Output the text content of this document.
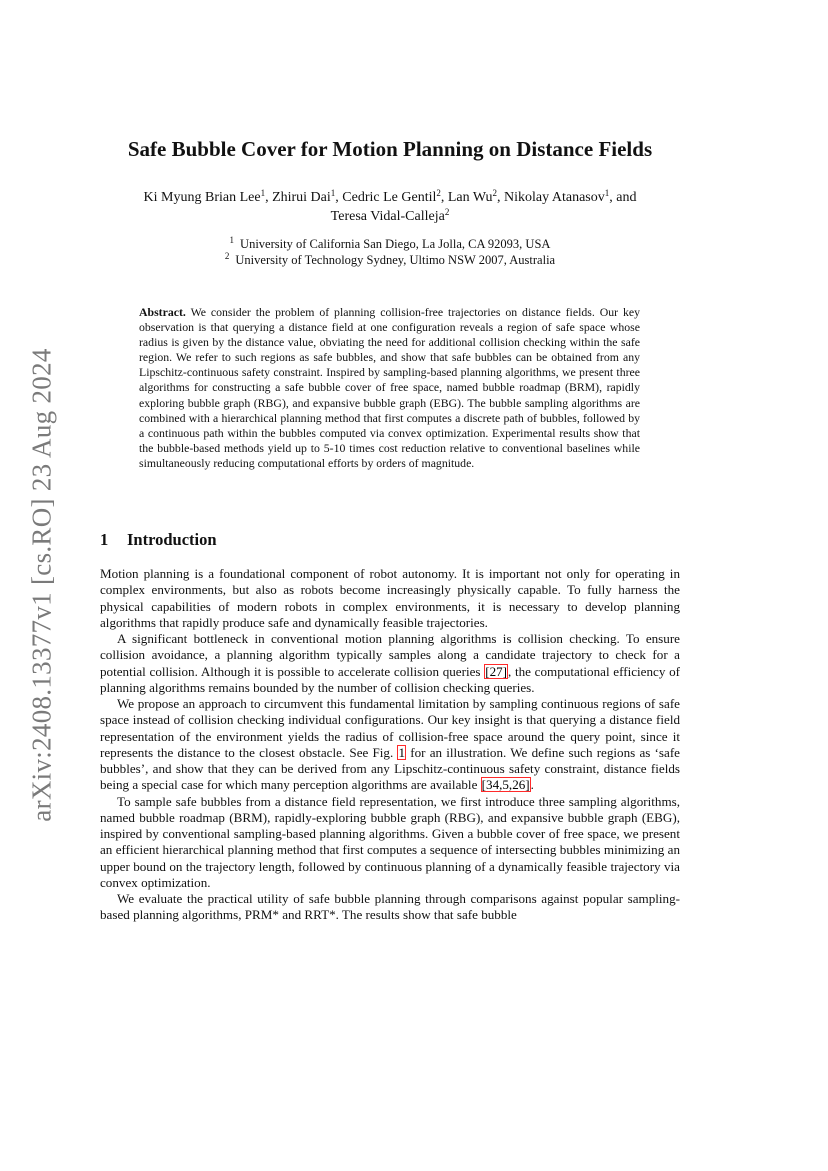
arXiv:2408.13377v1 [cs.RO] 23 Aug 2024
Safe Bubble Cover for Motion Planning on Distance Fields
Ki Myung Brian Lee$^1$, Zhirui Dai$^1$, Cedric Le Gentil$^2$, Lan Wu$^2$, Nikolay Atanasov$^1$, and
Teresa Vidal-Calleja$^2$
$^1$ University of California San Diego, La Jolla, CA 92093, USA
$^2$ University of Technology Sydney, Ultimo NSW 2007, Australia
Abstract. We consider the problem of planning collision-free trajectories on distance fields. Our key observation is that querying a distance field at one configuration reveals a region of safe space whose radius is given by the distance value, obviating the need for additional collision checking within the safe region. We refer to such regions as safe bubbles, and show that safe bubbles can be obtained from any Lipschitz-continuous safety constraint. Inspired by sampling-based planning algorithms, we present three algorithms for constructing a safe bubble cover of free space, named bubble roadmap (BRM), rapidly exploring bubble graph (RBG), and expansive bubble graph (EBG). The bubble sampling algorithms are combined with a hierarchical planning method that first computes a discrete path of bubbles, followed by a continuous path within the bubbles computed via convex optimization. Experimental results show that the bubble-based methods yield up to 5-10 times cost reduction relative to conventional baselines while simultaneously reducing computational efforts by orders of magnitude.
1 Introduction

Motion planning is a foundational component of robot autonomy. It is important not only for operating in complex environments, but also as robots become increasingly physically capable. To fully harness the physical capabilities of modern robots in complex environments, it is necessary to develop planning algorithms that rapidly produce safe and dynamically feasible trajectories.

A significant bottleneck in conventional motion planning algorithms is collision checking. To ensure collision avoidance, a planning algorithm typically samples along a candidate trajectory to check for a potential collision. Although it is possible to accelerate collision queries [27], the computational efficiency of planning algorithms remains bounded by the number of collision checking queries.

We propose an approach to circumvent this fundamental limitation by sampling continuous regions of safe space instead of collision checking individual configurations. Our key insight is that querying a distance field representation of the environment yields the radius of collision-free space around the query point, since it represents the distance to the closest obstacle. See Fig. 1 for an illustration. We define such regions as ‘safe bubbles’, and show that they can be derived from any Lipschitz-continuous safety constraint, distance fields being a special case for which many perception algorithms are available [34,5,26].

To sample safe bubbles from a distance field representation, we first introduce three sampling algorithms, named bubble roadmap (BRM), rapidly-exploring bubble graph (RBG), and expansive bubble graph (EBG), inspired by conventional sampling-based planning algorithms. Given a bubble cover of free space, we present an efficient hierarchical planning method that first computes a sequence of intersecting bubbles minimizing an upper bound on the trajectory length, followed by continuous planning of a dynamically feasible trajectory via convex optimization.

We evaluate the practical utility of safe bubble planning through comparisons against popular sampling-based planning algorithms, PRM* and RRT*. The results show that safe bubble
